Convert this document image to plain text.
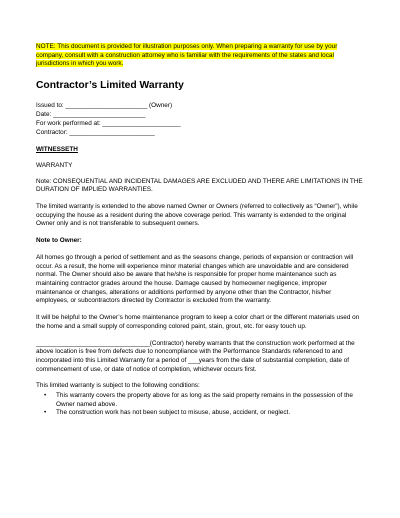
NOTE: This document is provided for illustration purposes only. When preparing a warranty for use by your company, consult with a construction attorney who is familiar with the requirements of the states and local jurisdictions in which you work.

Contractor’s Limited Warranty

Issued to: _______________________ (Owner)

Date: __________________________

For work performed at: ______________________

Contractor: ________________________

WITNESSETH

WARRANTY

Note: CONSEQUENTIAL AND INCIDENTAL DAMAGES ARE EXCLUDED AND THERE ARE LIMITATIONS IN THE DURATION OF IMPLIED WARRANTIES.

The limited warranty is extended to the above named Owner or Owners (referred to collectively as “Owner”), while occupying the house as a resident during the above coverage period. This warranty is extended to the original Owner only and is not transferable to subsequent owners.

Note to Owner:

All homes go through a period of settlement and as the seasons change, periods of expansion or contraction will occur. As a result, the home will experience minor material changes which are unavoidable and are considered normal. The Owner should also be aware that he/she is responsible for proper home maintenance such as maintaining contractor grades around the house. Damage caused by homeowner negligence, improper maintenance or changes, alterations or additions performed by anyone other than the Contractor, his/her employees, or subcontractors directed by Contractor is excluded from the warranty.

It will be helpful to the Owner’s home maintenance program to keep a color chart or the different materials used on the home and a small supply of corresponding colored paint, stain, grout, etc. for easy touch up.

________________________________(Contractor) hereby warrants that the construction work performed at the above location is free from defects due to noncompliance with the Performance Standards referenced to and incorporated into this Limited Warranty for a period of ___years from the date of substantial completion, date of commencement of use, or date of notice of completion, whichever occurs first.

This limited warranty is subject to the following conditions:

• This warranty covers the property above for as long as the said property remains in the possession of the Owner named above.
• The construction work has not been subject to misuse, abuse, accident, or neglect.
